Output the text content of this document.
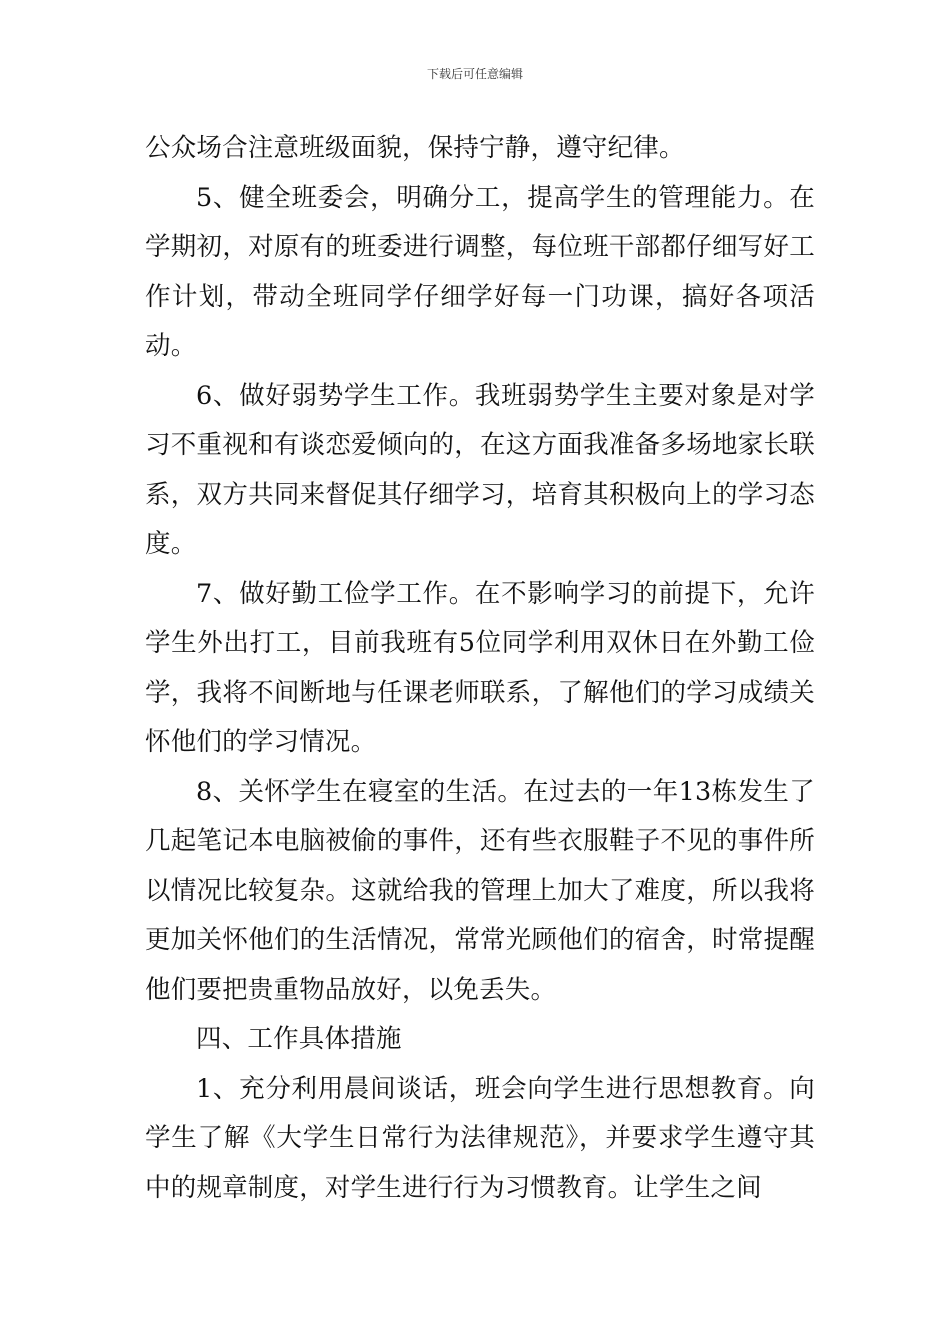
下载后可任意编辑

公众场合注意班级面貌，保持宁静，遵守纪律。

5、健全班委会，明确分工，提高学生的管理能力。在学期初，对原有的班委进行调整，每位班干部都仔细写好工作计划，带动全班同学仔细学好每一门功课，搞好各项活动。

6、做好弱势学生工作。我班弱势学生主要对象是对学习不重视和有谈恋爱倾向的，在这方面我准备多场地家长联系，双方共同来督促其仔细学习，培育其积极向上的学习态度。

7、做好勤工俭学工作。在不影响学习的前提下，允许学生外出打工，目前我班有5位同学利用双休日在外勤工俭学，我将不间断地与任课老师联系，了解他们的学习成绩关怀他们的学习情况。

8、关怀学生在寝室的生活。在过去的一年13栋发生了几起笔记本电脑被偷的事件，还有些衣服鞋子不见的事件所以情况比较复杂。这就给我的管理上加大了难度，所以我将更加关怀他们的生活情况，常常光顾他们的宿舍，时常提醒他们要把贵重物品放好，以免丢失。

四、工作具体措施

1、充分利用晨间谈话，班会向学生进行思想教育。向学生了解《大学生日常行为法律规范》，并要求学生遵守其中的规章制度，对学生进行行为习惯教育。让学生之间
